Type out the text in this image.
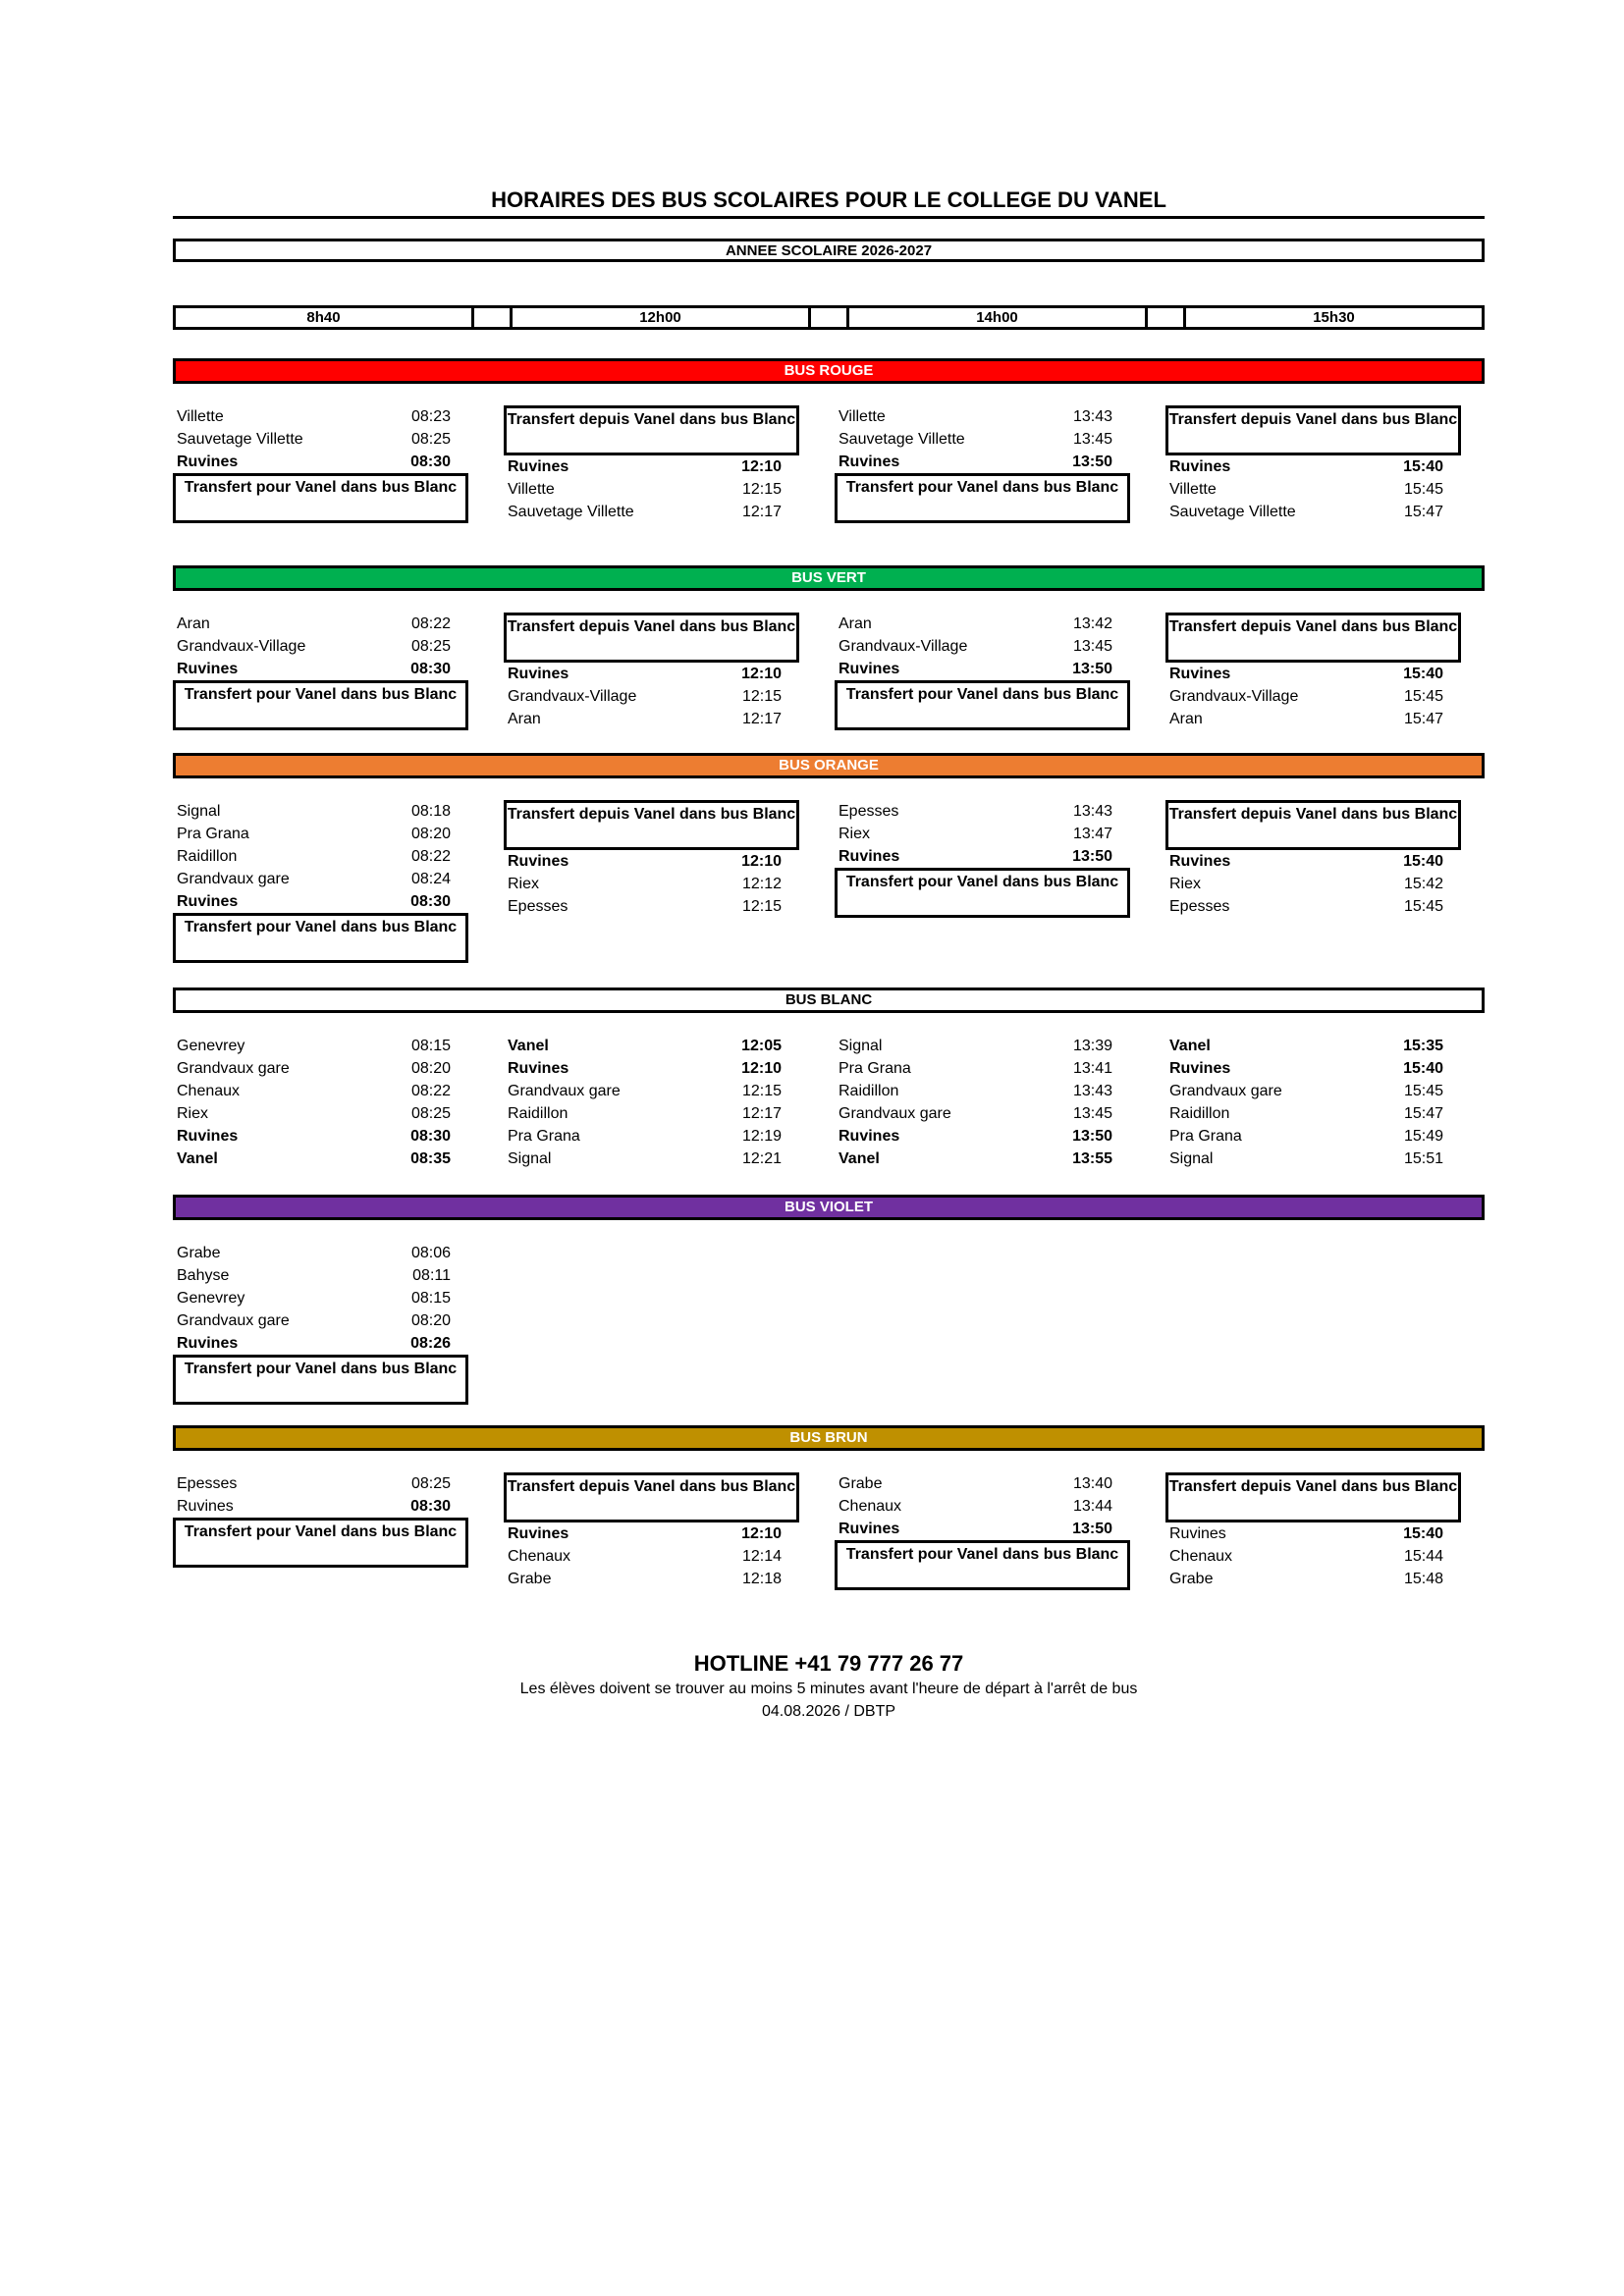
HORAIRES DES BUS SCOLAIRES POUR LE COLLEGE DU VANEL
ANNEE SCOLAIRE 2026-2027
8h40	12h00	14h00	15h30
BUS ROUGE
Villette	08:23
Sauvetage Villette	08:25
Ruvines	08:30
Transfert pour Vanel dans bus Blanc
Transfert depuis Vanel dans bus Blanc
Ruvines	12:10
Villette	12:15
Sauvetage Villette	12:17
Villette	13:43
Sauvetage Villette	13:45
Ruvines	13:50
Transfert pour Vanel dans bus Blanc
Transfert depuis Vanel dans bus Blanc
Ruvines	15:40
Villette	15:45
Sauvetage Villette	15:47
BUS VERT
Aran	08:22
Grandvaux-Village	08:25
Ruvines	08:30
Transfert pour Vanel dans bus Blanc
Transfert depuis Vanel dans bus Blanc
Ruvines	12:10
Grandvaux-Village	12:15
Aran	12:17
Aran	13:42
Grandvaux-Village	13:45
Ruvines	13:50
Transfert pour Vanel dans bus Blanc
Transfert depuis Vanel dans bus Blanc
Ruvines	15:40
Grandvaux-Village	15:45
Aran	15:47
BUS ORANGE
Signal	08:18
Pra Grana	08:20
Raidillon	08:22
Grandvaux gare	08:24
Ruvines	08:30
Transfert pour Vanel dans bus Blanc
Transfert depuis Vanel dans bus Blanc
Ruvines	12:10
Riex	12:12
Epesses	12:15
Epesses	13:43
Riex	13:47
Ruvines	13:50
Transfert pour Vanel dans bus Blanc
Transfert depuis Vanel dans bus Blanc
Ruvines	15:40
Riex	15:42
Epesses	15:45
BUS BLANC
Genevrey	08:15
Grandvaux gare	08:20
Chenaux	08:22
Riex	08:25
Ruvines	08:30
Vanel	08:35
Vanel	12:05
Ruvines	12:10
Grandvaux gare	12:15
Raidillon	12:17
Pra Grana	12:19
Signal	12:21
Signal	13:39
Pra Grana	13:41
Raidillon	13:43
Grandvaux gare	13:45
Ruvines	13:50
Vanel	13:55
Vanel	15:35
Ruvines	15:40
Grandvaux gare	15:45
Raidillon	15:47
Pra Grana	15:49
Signal	15:51
BUS VIOLET
Grabe	08:06
Bahyse	08:11
Genevrey	08:15
Grandvaux gare	08:20
Ruvines	08:26
Transfert pour Vanel dans bus Blanc
BUS BRUN
Epesses	08:25
Ruvines	08:30
Transfert pour Vanel dans bus Blanc
Transfert depuis Vanel dans bus Blanc
Ruvines	12:10
Chenaux	12:14
Grabe	12:18
Grabe	13:40
Chenaux	13:44
Ruvines	13:50
Transfert pour Vanel dans bus Blanc
Transfert depuis Vanel dans bus Blanc
Ruvines	15:40
Chenaux	15:44
Grabe	15:48
HOTLINE +41 79 777 26 77
Les élèves doivent se trouver au moins 5 minutes avant l'heure de départ à l'arrêt de bus
04.08.2026 / DBTP
